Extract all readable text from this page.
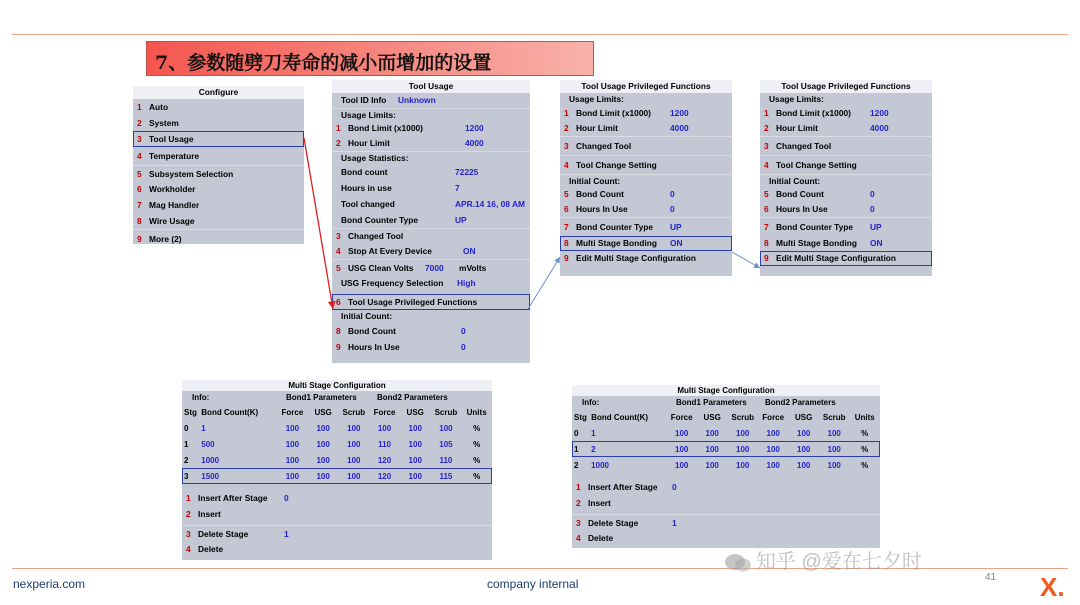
7、参数随劈刀寿命的减小而增加的设置
Configure
1 Auto
2 System
3 Tool Usage
4 Temperature
5 Subsystem Selection
6 Workholder
7 Mag Handler
8 Wire Usage
9 More (2)
Tool Usage
Tool ID Info Unknown
Usage Limits:
1 Bond Limit (x1000)	1200
2 Hour Limit	4000
Usage Statistics:
Bond count	72225
Hours in use	7
Tool changed	APR.14 16, 08 AM
Bond Counter Type	UP
3 Changed Tool
4 Stop At Every Device	ON
5 USG Clean Volts 7000 mVolts
USG Frequency Selection High
6 Tool Usage Privileged Functions
Initial Count:
8 Bond Count	0
9 Hours In Use	0
Tool Usage Privileged Functions
Usage Limits:
1 Bond Limit (x1000) 1200
2 Hour Limit	4000
3 Changed Tool
4 Tool Change Setting
Initial Count:
5 Bond Count	0
6 Hours In Use	0
7 Bond Counter Type UP
8 Multi Stage Bonding ON
9 Edit Multi Stage Configuration
Tool Usage Privileged Functions
Usage Limits:
1 Bond Limit (x1000) 1200
2 Hour Limit	4000
3 Changed Tool
4 Tool Change Setting
Initial Count:
5 Bond Count	0
6 Hours In Use	0
7 Bond Counter Type UP
8 Multi Stage Bonding ON
9 Edit Multi Stage Configuration
Multi Stage Configuration
Info:	Bond1 Parameters	Bond2 Parameters
Stg	Bond Count(K)	Force	USG	Scrub	Force	USG	Scrub	Units
0	1	100	100	100	100	100	100	%
1	500	100	100	100	110	100	105	%
2	1000	100	100	100	120	100	110	%
3	1500	100	100	100	120	100	115	%
1 Insert After Stage 0
2 Insert
3 Delete Stage	1
4 Delete
Multi Stage Configuration
Info:	Bond1 Parameters Bond2 Parameters
Stg	Bond Count(K)	Force	USG	Scrub	Force	USG	Scrub	Units
0	1	100	100	100	100	100	100	%
1	2	100	100	100	100	100	100	%
2	1000	100	100	100	100	100	100	%
1 Insert After Stage 0
2 Insert
3 Delete Stage	1
4 Delete
nexperia.com	company internal
知乎 @爱在七夕时
41 X.
